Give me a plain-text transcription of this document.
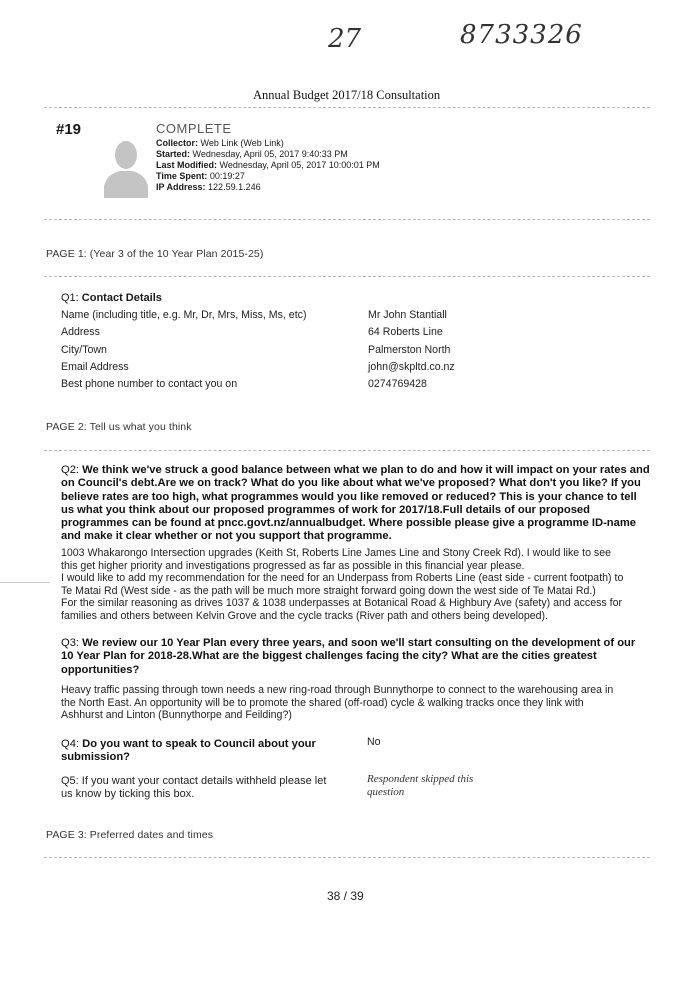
27	8733326
Annual Budget 2017/18 Consultation
#19	COMPLETE
Collector: Web Link (Web Link)
Started: Wednesday, April 05, 2017 9:40:33 PM
Last Modified: Wednesday, April 05, 2017 10:00:01 PM
Time Spent: 00:19:27
IP Address: 122.59.1.246
PAGE 1: (Year 3 of the 10 Year Plan 2015-25)
Q1: Contact Details
Name (including title, e.g. Mr, Dr, Mrs, Miss, Ms, etc)	Mr John Stantiall
Address	64 Roberts Line
City/Town	Palmerston North
Email Address	john@skpltd.co.nz
Best phone number to contact you on	0274769428
PAGE 2: Tell us what you think
Q2: We think we've struck a good balance between what we plan to do and how it will impact on your rates and
on Council's debt.Are we on track? What do you like about what we've proposed? What don't you like? If you
believe rates are too high, what programmes would you like removed or reduced? This is your chance to tell
us what you think about our proposed programmes of work for 2017/18.Full details of our proposed
programmes can be found at pncc.govt.nz/annualbudget. Where possible please give a programme ID-name
and make it clear whether or not you support that programme.
1003 Whakarongo Intersection upgrades (Keith St, Roberts Line James Line and Stony Creek Rd). I would like to see
this get higher priority and investigations progressed as far as possible in this financial year please.
I would like to add my recommendation for the need for an Underpass from Roberts Line (east side - current footpath) to
Te Matai Rd (West side - as the path will be much more straight forward going down the west side of Te Matai Rd.)
For the similar reasoning as drives 1037 & 1038 underpasses at Botanical Road & Highbury Ave (safety) and access for
families and others between Kelvin Grove and the cycle tracks (River path and others being developed).
Q3: We review our 10 Year Plan every three years, and soon we'll start consulting on the development of our
10 Year Plan for 2018-28.What are the biggest challenges facing the city? What are the cities greatest
opportunities?
Heavy traffic passing through town needs a new ring-road through Bunnythorpe to connect to the warehousing area in
the North East. An opportunity will be to promote the shared (off-road) cycle & walking tracks once they link with
Ashhurst and Linton (Bunnythorpe and Feilding?)
Q4: Do you want to speak to Council about your
submission?
No
Q5: If you want your contact details withheld please let
us know by ticking this box.
Respondent skipped this
question
PAGE 3: Preferred dates and times
38 / 39
